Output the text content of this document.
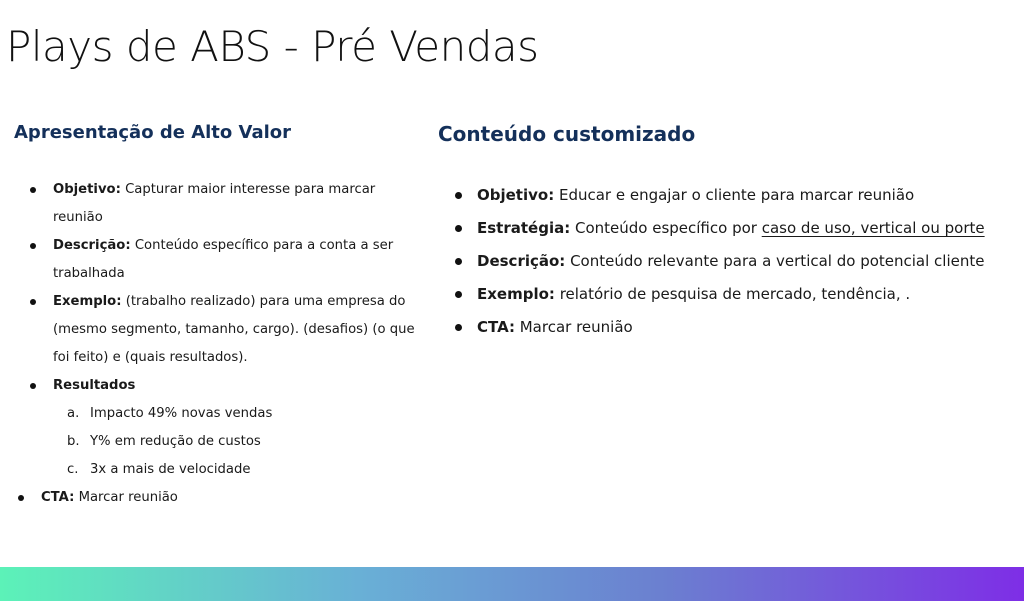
Plays de ABS - Pré Vendas
Apresentação de Alto Valor
Objetivo: Capturar maior interesse para marcar reunião
Descrição: Conteúdo específico para a conta a ser trabalhada
Exemplo: (trabalho realizado) para uma empresa do (mesmo segmento, tamanho, cargo). (desafios) (o que foi feito) e (quais resultados).
Resultados
a. Impacto 49% novas vendas
b. Y% em redução de custos
c. 3x a mais de velocidade
CTA: Marcar reunião
Conteúdo customizado
Objetivo: Educar e engajar o cliente para marcar reunião
Estratégia: Conteúdo específico por caso de uso, vertical ou porte
Descrição: Conteúdo relevante para a vertical do potencial cliente
Exemplo: relatório de pesquisa de mercado, tendência, .
CTA: Marcar reunião
